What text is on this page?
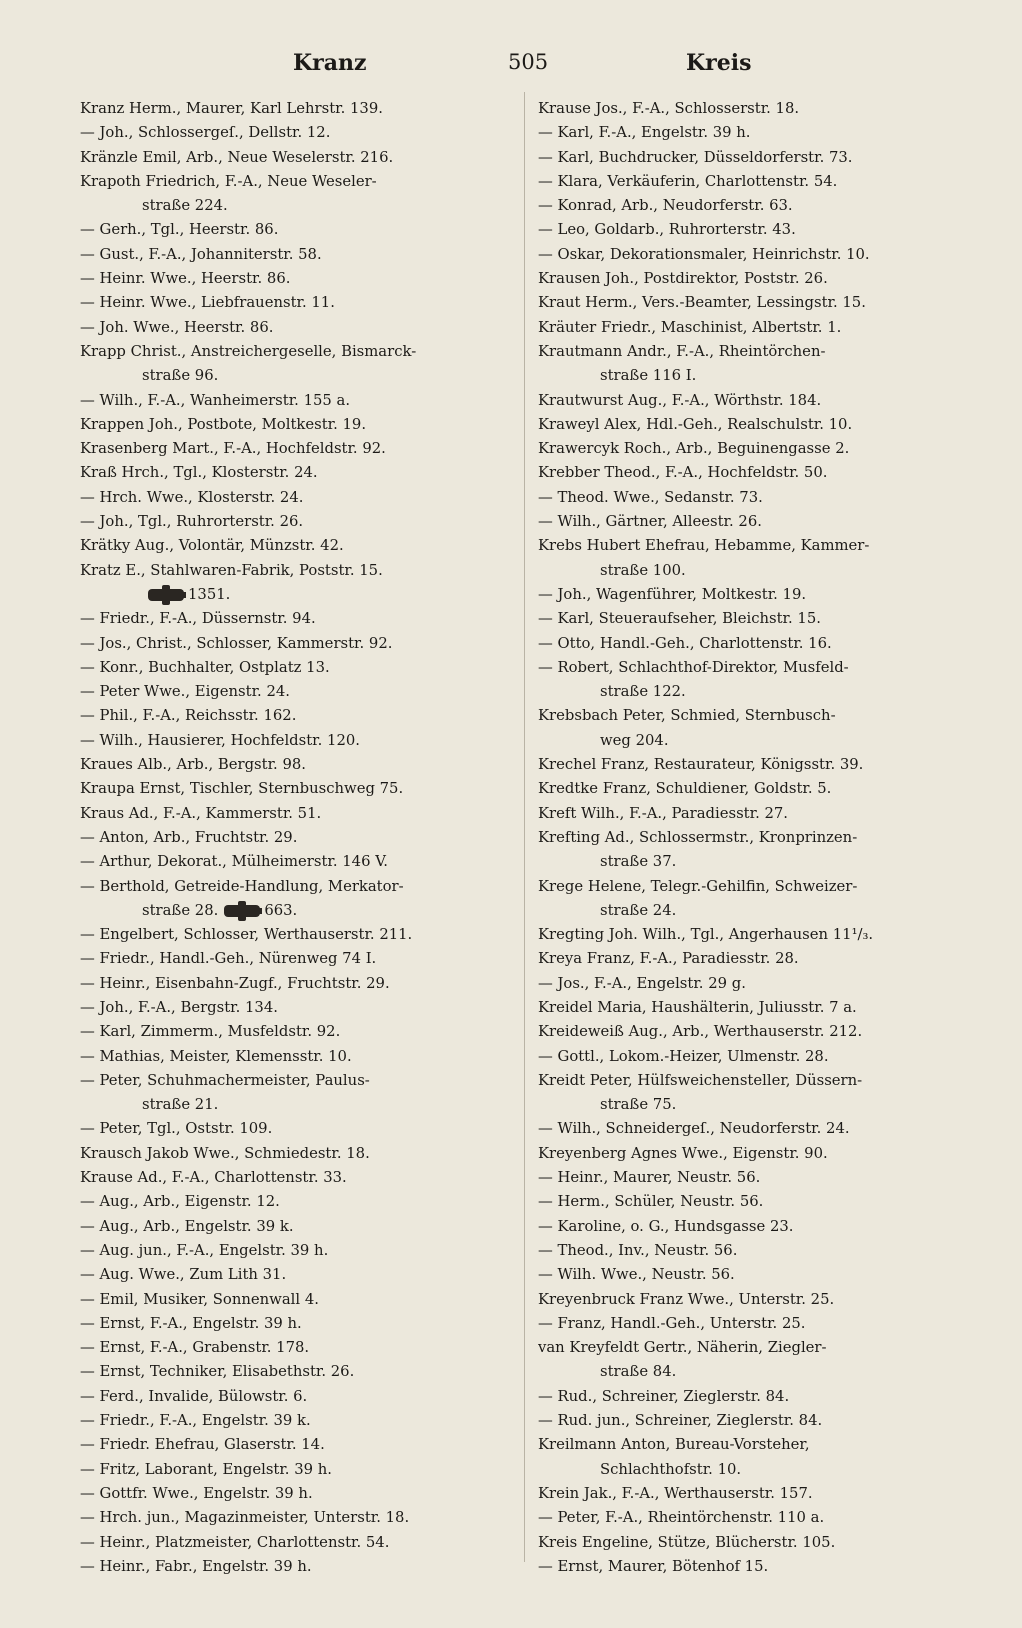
Kranz	505	Kreis
Kranz Herm., Maurer, Karl Lehrstr. 139.
— Joh., Schlossergeſ., Dellstr. 12.
Kränzle Emil, Arb., Neue Weselerstr. 216.
Krapoth Friedrich, F.-A., Neue Weseler-
straße 224.
— Gerh., Tgl., Heerstr. 86.
— Gust., F.-A., Johanniterstr. 58.
— Heinr. Wwe., Heerstr. 86.
— Heinr. Wwe., Liebfrauenstr. 11.
— Joh. Wwe., Heerstr. 86.
Krapp Christ., Anstreichergeselle, Bismarck-
straße 96.
— Wilh., F.-A., Wanheimerstr. 155 a.
Krappen Joh., Postbote, Moltkestr. 19.
Krasenberg Mart., F.-A., Hochfeldstr. 92.
Kraß Hrch., Tgl., Klosterstr. 24.
— Hrch. Wwe., Klosterstr. 24.
— Joh., Tgl., Ruhrorterstr. 26.
Krätky Aug., Volontär, Münzstr. 42.
Kratz E., Stahlwaren-Fabrik, Poststr. 15.
1351.
— Friedr., F.-A., Düssernstr. 94.
— Jos., Christ., Schlosser, Kammerstr. 92.
— Konr., Buchhalter, Ostplatz 13.
— Peter Wwe., Eigenstr. 24.
— Phil., F.-A., Reichsstr. 162.
— Wilh., Hausierer, Hochfeldstr. 120.
Kraues Alb., Arb., Bergstr. 98.
Kraupa Ernst, Tischler, Sternbuschweg 75.
Kraus Ad., F.-A., Kammerstr. 51.
— Anton, Arb., Fruchtstr. 29.
— Arthur, Dekorat., Mülheimerstr. 146 V.
— Berthold, Getreide-Handlung, Merkator-
straße 28.	663.
— Engelbert, Schlosser, Werthauserstr. 211.
— Friedr., Handl.-Geh., Nürenweg 74 I.
— Heinr., Eisenbahn-Zugf., Fruchtstr. 29.
— Joh., F.-A., Bergstr. 134.
— Karl, Zimmerm., Musfeldstr. 92.
— Mathias, Meister, Klemensstr. 10.
— Peter, Schuhmachermeister, Paulus-
straße 21.
— Peter, Tgl., Oststr. 109.
Krausch Jakob Wwe., Schmiedestr. 18.
Krause Ad., F.-A., Charlottenstr. 33.
— Aug., Arb., Eigenstr. 12.
— Aug., Arb., Engelstr. 39 k.
— Aug. jun., F.-A., Engelstr. 39 h.
— Aug. Wwe., Zum Lith 31.
— Emil, Musiker, Sonnenwall 4.
— Ernst, F.-A., Engelstr. 39 h.
— Ernst, F.-A., Grabenstr. 178.
— Ernst, Techniker, Elisabethstr. 26.
— Ferd., Invalide, Bülowstr. 6.
— Friedr., F.-A., Engelstr. 39 k.
— Friedr. Ehefrau, Glaserstr. 14.
— Fritz, Laborant, Engelstr. 39 h.
— Gottfr. Wwe., Engelstr. 39 h.
— Hrch. jun., Magazinmeister, Unterstr. 18.
— Heinr., Platzmeister, Charlottenstr. 54.
— Heinr., Fabr., Engelstr. 39 h.
Krause Jos., F.-A., Schlosserstr. 18.
— Karl, F.-A., Engelstr. 39 h.
— Karl, Buchdrucker, Düsseldorferstr. 73.
— Klara, Verkäuferin, Charlottenstr. 54.
— Konrad, Arb., Neudorferstr. 63.
— Leo, Goldarb., Ruhrorterstr. 43.
— Oskar, Dekorationsmaler, Heinrichstr. 10.
Krausen Joh., Postdirektor, Poststr. 26.
Kraut Herm., Vers.-Beamter, Lessingstr. 15.
Kräuter Friedr., Maschinist, Albertstr. 1.
Krautmann Andr., F.-A., Rheintörchen-
straße 116 I.
Krautwurst Aug., F.-A., Wörthstr. 184.
Kraweyl Alex, Hdl.-Geh., Realschulstr. 10.
Krawercyk Roch., Arb., Beguinengasse 2.
Krebber Theod., F.-A., Hochfeldstr. 50.
— Theod. Wwe., Sedanstr. 73.
— Wilh., Gärtner, Alleestr. 26.
Krebs Hubert Ehefrau, Hebamme, Kammer-
straße 100.
— Joh., Wagenführer, Moltkestr. 19.
— Karl, Steueraufseher, Bleichstr. 15.
— Otto, Handl.-Geh., Charlottenstr. 16.
— Robert, Schlachthof-Direktor, Musfeld-
straße 122.
Krebsbach Peter, Schmied, Sternbusch-
weg 204.
Krechel Franz, Restaurateur, Königsstr. 39.
Kredtke Franz, Schuldiener, Goldstr. 5.
Kreft Wilh., F.-A., Paradiesstr. 27.
Krefting Ad., Schlossermstr., Kronprinzen-
straße 37.
Krege Helene, Telegr.-Gehilfin, Schweizer-
straße 24.
Kregting Joh. Wilh., Tgl., Angerhausen 11¹/₃.
Kreya Franz, F.-A., Paradiesstr. 28.
— Jos., F.-A., Engelstr. 29 g.
Kreidel Maria, Haushälterin, Juliusstr. 7 a.
Kreideweiß Aug., Arb., Werthauserstr. 212.
— Gottl., Lokom.-Heizer, Ulmenstr. 28.
Kreidt Peter, Hülfsweichensteller, Düssern-
straße 75.
— Wilh., Schneidergeſ., Neudorferstr. 24.
Kreyenberg Agnes Wwe., Eigenstr. 90.
— Heinr., Maurer, Neustr. 56.
— Herm., Schüler, Neustr. 56.
— Karoline, o. G., Hundsgasse 23.
— Theod., Inv., Neustr. 56.
— Wilh. Wwe., Neustr. 56.
Kreyenbruck Franz Wwe., Unterstr. 25.
— Franz, Handl.-Geh., Unterstr. 25.
van Kreyfeldt Gertr., Näherin, Ziegler-
straße 84.
— Rud., Schreiner, Zieglerstr. 84.
— Rud. jun., Schreiner, Zieglerstr. 84.
Kreilmann Anton, Bureau-Vorsteher,
Schlachthofstr. 10.
Krein Jak., F.-A., Werthauserstr. 157.
— Peter, F.-A., Rheintörchenstr. 110 a.
Kreis Engeline, Stütze, Blücherstr. 105.
— Ernst, Maurer, Bötenhof 15.
